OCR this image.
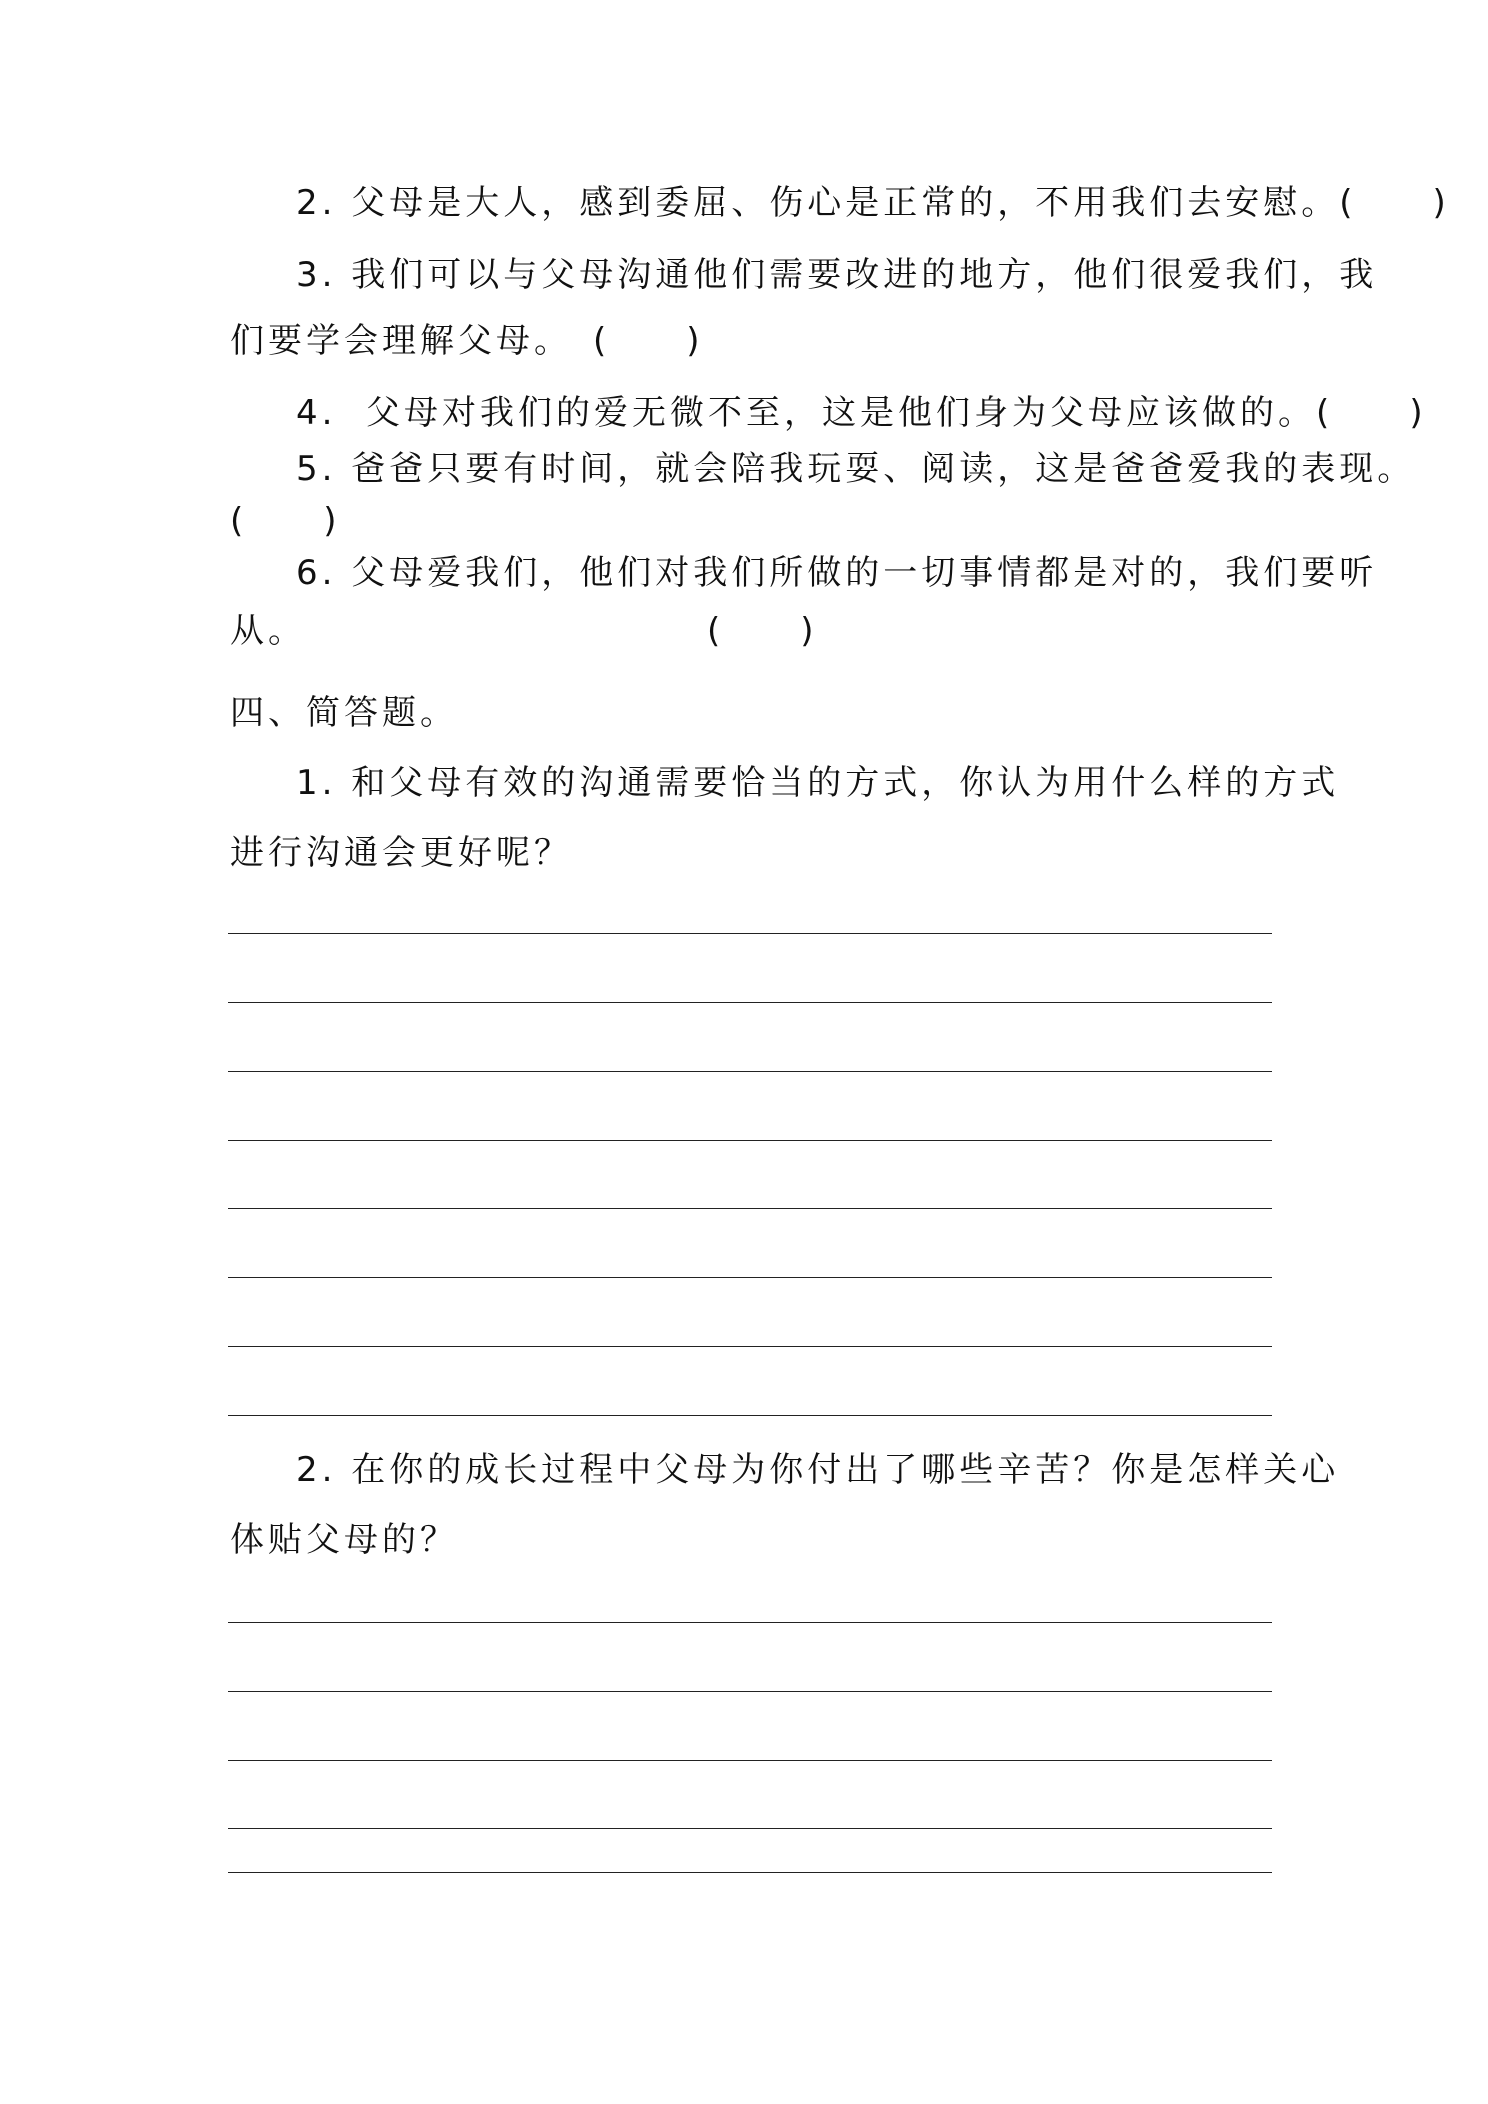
2. 父母是大人，感到委屈、伤心是正常的，不用我们去安慰。(　　)
3. 我们可以与父母沟通他们需要改进的地方，他们很爱我们，我
们要学会理解父母。　(　　)
4.  父母对我们的爱无微不至，这是他们身为父母应该做的。(　　)
5. 爸爸只要有时间，就会陪我玩耍、阅读，这是爸爸爱我的表现。
(　　)
6. 父母爱我们，他们对我们所做的一切事情都是对的，我们要听
从。　　　　　　　　　　　(　　)
四、简答题。
1. 和父母有效的沟通需要恰当的方式，你认为用什么样的方式
进行沟通会更好呢？
2. 在你的成长过程中父母为你付出了哪些辛苦？你是怎样关心
体贴父母的？
